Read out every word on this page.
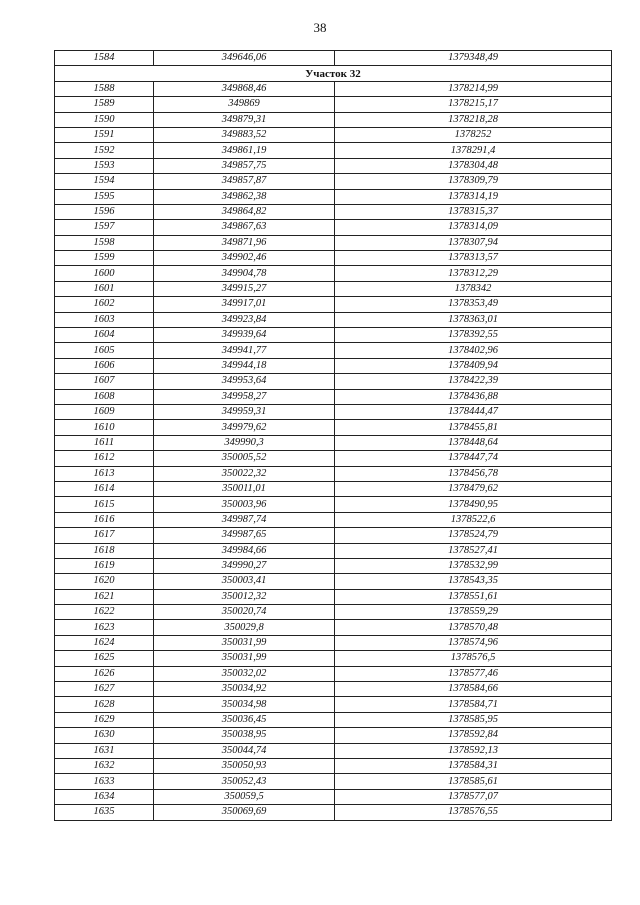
38
1584	349646,06	1379348,49
Участок 32		
1588	349868,46	1378214,99
1589	349869	1378215,17
1590	349879,31	1378218,28
1591	349883,52	1378252
1592	349861,19	1378291,4
1593	349857,75	1378304,48
1594	349857,87	1378309,79
1595	349862,38	1378314,19
1596	349864,82	1378315,37
1597	349867,63	1378314,09
1598	349871,96	1378307,94
1599	349902,46	1378313,57
1600	349904,78	1378312,29
1601	349915,27	1378342
1602	349917,01	1378353,49
1603	349923,84	1378363,01
1604	349939,64	1378392,55
1605	349941,77	1378402,96
1606	349944,18	1378409,94
1607	349953,64	1378422,39
1608	349958,27	1378436,88
1609	349959,31	1378444,47
1610	349979,62	1378455,81
1611	349990,3	1378448,64
1612	350005,52	1378447,74
1613	350022,32	1378456,78
1614	350011,01	1378479,62
1615	350003,96	1378490,95
1616	349987,74	1378522,6
1617	349987,65	1378524,79
1618	349984,66	1378527,41
1619	349990,27	1378532,99
1620	350003,41	1378543,35
1621	350012,32	1378551,61
1622	350020,74	1378559,29
1623	350029,8	1378570,48
1624	350031,99	1378574,96
1625	350031,99	1378576,5
1626	350032,02	1378577,46
1627	350034,92	1378584,66
1628	350034,98	1378584,71
1629	350036,45	1378585,95
1630	350038,95	1378592,84
1631	350044,74	1378592,13
1632	350050,93	1378584,31
1633	350052,43	1378585,61
1634	350059,5	1378577,07
1635	350069,69	1378576,55
